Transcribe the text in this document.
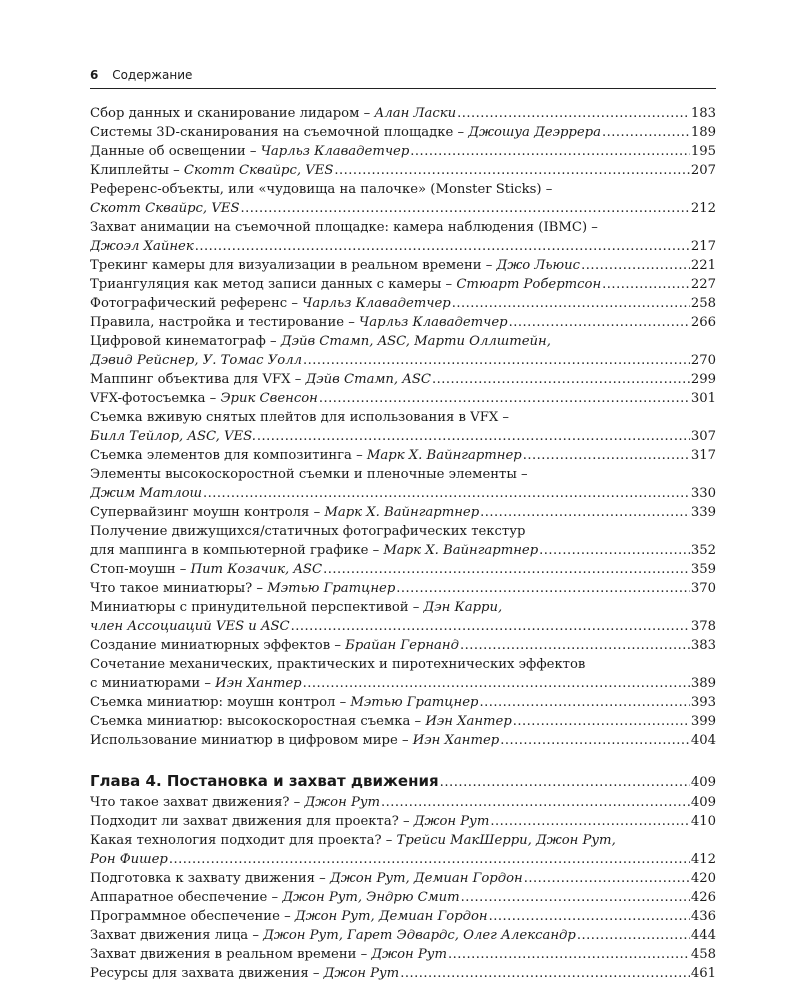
6 Содержание
Сбор данных и сканирование лидаром – Алан Ласки .....	183
Системы 3D-сканирования на съемочной площадке – Джошуа Деэррера .....	189
Данные об освещении – Чарльз Клавадетчер .....	195
Клиплейты – Скотт Сквайрс, VES .....	207
Референс-объекты, или «чудовища на палочке» (Monster Sticks) –
Скотт Сквайрс, VES .....	212
Захват анимации на съемочной площадке: камера наблюдения (IBMC) –
Джоэл Хайнек .....	217
Трекинг камеры для визуализации в реальном времени – Джо Льюис .....	221
Триангуляция как метод записи данных с камеры – Стюарт Робертсон .....	227
Фотографический референс – Чарльз Клавадетчер .....	258
Правила, настройка и тестирование – Чарльз Клавадетчер .....	266
Цифровой кинематограф – Дэйв Стамп, ASC, Марти Оллштейн,
Дэвид Рейснер, У. Томас Уолл .....	270
Маппинг объектива для VFX – Дэйв Стамп, ASC .....	299
VFX-фотосъемка – Эрик Свенсон .....	301
Съемка вживую снятых плейтов для использования в VFX –
Билл Тейлор, ASC, VES. .....	307
Съемка элементов для композитинга – Марк Х. Вайнгартнер .....	317
Элементы высокоскоростной съемки и пленочные элементы –
Джим Матлош .....	330
Супервайзинг моушн контроля – Марк Х. Вайнгартнер .....	339
Получение движущихся/статичных фотографических текстур
для маппинга в компьютерной графике – Марк Х. Вайнгартнер .....	352
Стоп-моушн – Пит Козачик, ASC .....	359
Что такое миниатюры? – Мэтью Гратцнер .....	370
Миниатюры с принудительной перспективой – Дэн Карри,
член Ассоциаций VES и ASC .....	378
Создание миниатюрных эффектов – Брайан Гернанд .....	383
Сочетание механических, практических и пиротехнических эффектов
с миниатюрами – Иэн Хантер .....	389
Съемка миниатюр: моушн контрол – Мэтью Гратцнер .....	393
Съемка миниатюр: высокоскоростная съемка – Иэн Хантер .....	399
Использование миниатюр в цифровом мире – Иэн Хантер .....	404
Глава 4. Постановка и захват движения .....	409
Что такое захват движения? – Джон Рут .....	409
Подходит ли захват движения для проекта? – Джон Рут .....	410
Какая технология подходит для проекта? – Трейси МакШерри, Джон Рут,
Рон Фишер .....	412
Подготовка к захвату движения – Джон Рут, Демиан Гордон .....	420
Аппаратное обеспечение – Джон Рут, Эндрю Смит .....	426
Программное обеспечение – Джон Рут, Демиан Гордон .....	436
Захват движения лица – Джон Рут, Гарет Эдвардс, Олег Александр .....	444
Захват движения в реальном времени – Джон Рут .....	458
Ресурсы для захвата движения – Джон Рут .....	461
